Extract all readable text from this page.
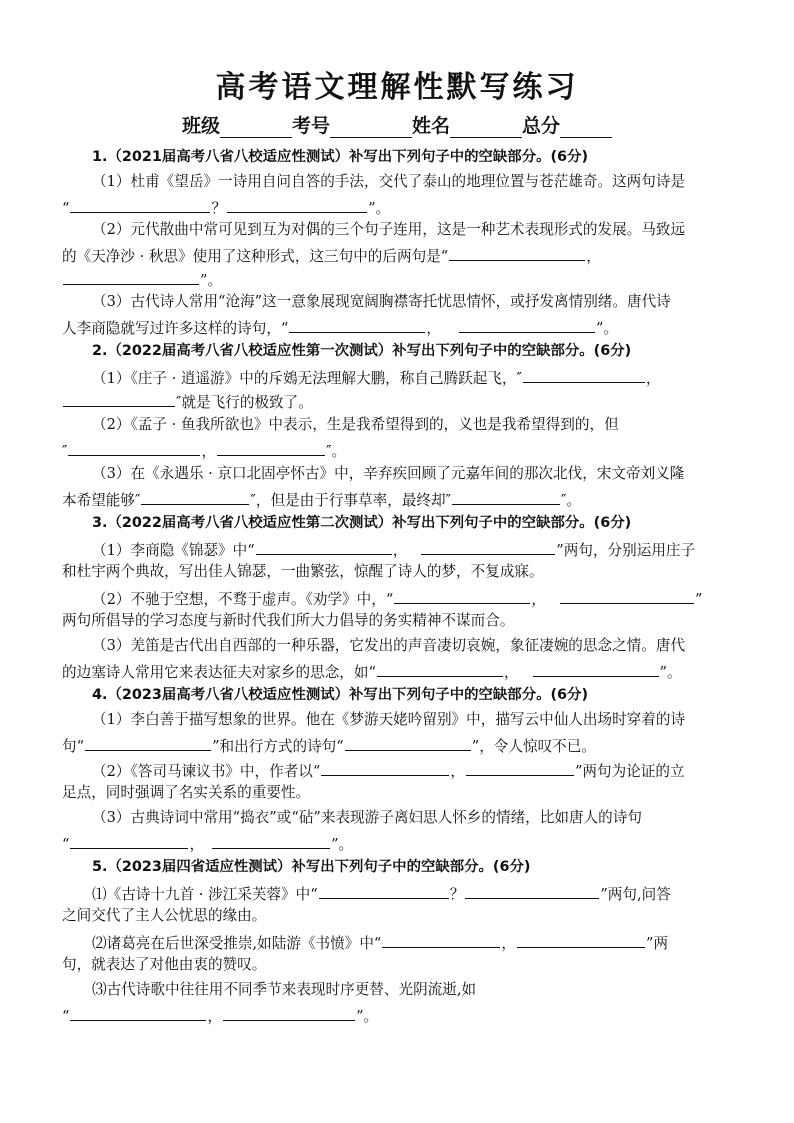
高考语文理解性默写练习
班级	考号	姓名	总分
1.（2021届高考八省八校适应性测试）补写出下列句子中的空缺部分。(6分)
（1）杜甫《望岳》一诗用自问自答的手法，交代了泰山的地理位置与苍茫雄奇。这两句诗是
“	？	”。
（2）元代散曲中常可见到互为对偶的三个句子连用，这是一种艺术表现形式的发展。马致远
的《天净沙 · 秋思》使用了这种形式，这三句中的后两句是“	，
”。
（3）古代诗人常用“沧海”这一意象展现宽阔胸襟寄托忧思情怀，或抒发离情别绪。唐代诗
人李商隐就写过许多这样的诗句，“	，	”。
2.（2022届高考八省八校适应性第一次测试）补写出下列句子中的空缺部分。(6分)
（1）《庄子 · 逍遥游》中的斥鴳无法理解大鹏，称自己腾跃起飞，″	，
″就是飞行的极致了。
（2）《孟子 · 鱼我所欲也》中表示，生是我希望得到的，义也是我希望得到的，但
″	，	″。
（3）在《永遇乐 · 京口北固亭怀古》中，辛弃疾回顾了元嘉年间的那次北伐，宋文帝刘义隆
本希望能够″	″，但是由于行事草率，最终却″	″。
3.（2022届高考八省八校适应性第二次测试）补写出下列句子中的空缺部分。(6分)
（1）李商隐《锦瑟》中“	，	”两句，分别运用庄子
和杜宇两个典故，写出佳人锦瑟，一曲繁弦，惊醒了诗人的梦，不复成寐。
（2）不驰于空想，不骛于虚声。《劝学》中，“	，	”
两句所倡导的学习态度与新时代我们所大力倡导的务实精神不谋而合。
（3）羌笛是古代出自西部的一种乐器，它发出的声音凄切哀婉，象征凄婉的思念之情。唐代
的边塞诗人常用它来表达征夫对家乡的思念，如“	，	”。
4.（2023届高考八省八校适应性测试）补写出下列句子中的空缺部分。(6分)
（1）李白善于描写想象的世界。他在《梦游天姥吟留别》中，描写云中仙人出场时穿着的诗
句“	”和出行方式的诗句“	”，令人惊叹不已。
（2）《答司马谏议书》中，作者以“	，	”两句为论证的立
足点，同时强调了名实关系的重要性。
（3）古典诗词中常用“捣衣”或“砧”来表现游子离妇思人怀乡的情绪，比如唐人的诗句
“	，	”。
5.（2023届四省适应性测试）补写出下列句子中的空缺部分。(6分)
⑴《古诗十九首 · 涉江采芙蓉》中“	？	”两句,问答
之间交代了主人公忧思的缘由。
⑵诸葛亮在后世深受推崇,如陆游《书愤》中“	，	”两
句，就表达了对他由衷的赞叹。
⑶古代诗歌中往往用不同季节来表现时序更替、光阴流逝,如
“	，	”。
